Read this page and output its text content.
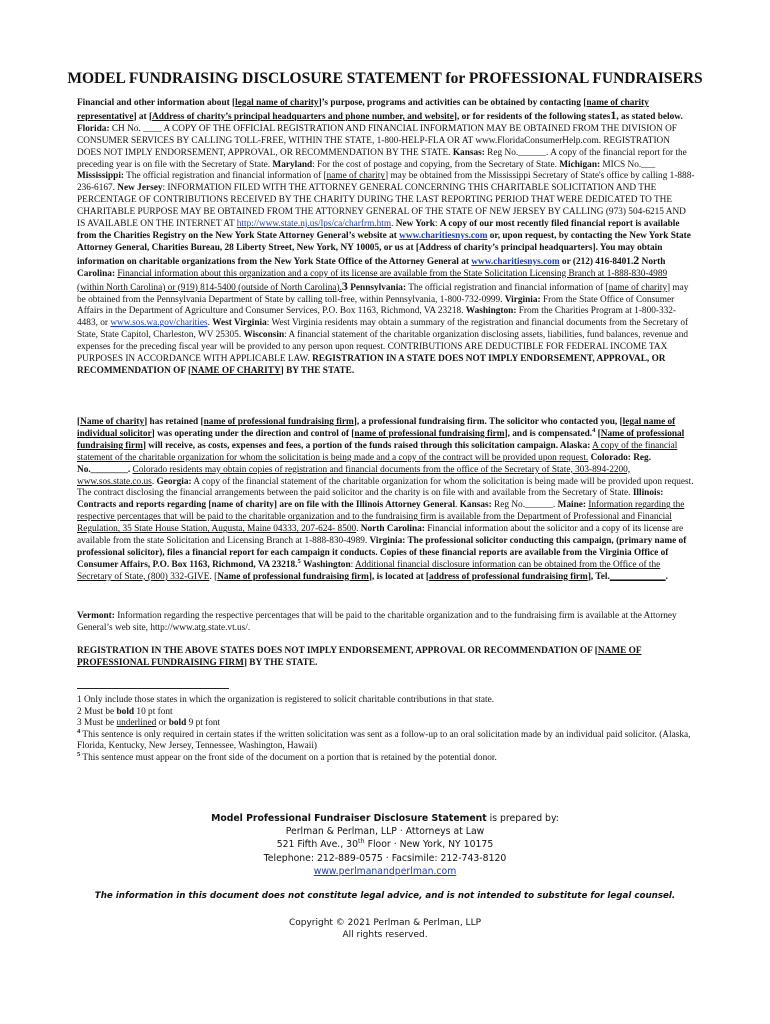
MODEL FUNDRAISING DISCLOSURE STATEMENT for PROFESSIONAL FUNDRAISERS
Financial and other information about [legal name of charity]’s purpose, programs and activities can be obtained by contacting [name of charity representative] at [Address of charity’s principal headquarters and phone number, and website], or for residents of the following states1, as stated below. Florida: CH No. ____ A COPY OF THE OFFICIAL REGISTRATION AND FINANCIAL INFORMATION MAY BE OBTAINED FROM THE DIVISION OF CONSUMER SERVICES BY CALLING TOLL-FREE, WITHIN THE STATE, 1-800-HELP-FLA OR AT www.FloridaConsumerHelp.com. REGISTRATION DOES NOT IMPLY ENDORSEMENT, APPROVAL, OR RECOMMENDATION BY THE STATE. Kansas: Reg No.______. A copy of the financial report for the preceding year is on file with the Secretary of State. Maryland: For the cost of postage and copying, from the Secretary of State. Michigan: MICS No.___ Mississippi: The official registration and financial information of [name of charity] may be obtained from the Mississippi Secretary of State's office by calling 1-888-236-6167. New Jersey: INFORMATION FILED WITH THE ATTORNEY GENERAL CONCERNING THIS CHARITABLE SOLICITATION AND THE PERCENTAGE OF CONTRIBUTIONS RECEIVED BY THE CHARITY DURING THE LAST REPORTING PERIOD THAT WERE DEDICATED TO THE CHARITABLE PURPOSE MAY BE OBTAINED FROM THE ATTORNEY GENERAL OF THE STATE OF NEW JERSEY BY CALLING (973) 504-6215 AND IS AVAILABLE ON THE INTERNET AT http://www.state.nj.us/lps/ca/charfrm.htm. New York: A copy of our most recently filed financial report is available from the Charities Registry on the New York State Attorney General’s website at www.charitiesnys.com or, upon request, by contacting the New York State Attorney General, Charities Bureau, 28 Liberty Street, New York, NY 10005, or us at [Address of charity’s principal headquarters]. You may obtain information on charitable organizations from the New York State Office of the Attorney General at www.charitiesnys.com or (212) 416-8401.2 North Carolina: Financial information about this organization and a copy of its license are available from the State Solicitation Licensing Branch at 1-888-830-4989 (within North Carolina) or (919) 814-5400 (outside of North Carolina).3 Pennsylvania: The official registration and financial information of [name of charity] may be obtained from the Pennsylvania Department of State by calling toll-free, within Pennsylvania, 1-800-732-0999. Virginia: From the State Office of Consumer Affairs in the Department of Agriculture and Consumer Services, P.O. Box 1163, Richmond, VA 23218. Washington: From the Charities Program at 1-800-332-4483, or www.sos.wa.gov/charities. West Virginia: West Virginia residents may obtain a summary of the registration and financial documents from the Secretary of State, State Capitol, Charleston, WV 25305. Wisconsin: A financial statement of the charitable organization disclosing assets, liabilities, fund balances, revenue and expenses for the preceding fiscal year will be provided to any person upon request. CONTRIBUTIONS ARE DEDUCTIBLE FOR FEDERAL INCOME TAX PURPOSES IN ACCORDANCE WITH APPLICABLE LAW. REGISTRATION IN A STATE DOES NOT IMPLY ENDORSEMENT, APPROVAL, OR RECOMMENDATION OF [NAME OF CHARITY] BY THE STATE.
[Name of charity] has retained [name of professional fundraising firm], a professional fundraising firm. The solicitor who contacted you, [legal name of individual solicitor] was operating under the direction and control of [name of professional fundraising firm], and is compensated.$^4$ [Name of professional fundraising firm] will receive, as costs, expenses and fees, a portion of the funds raised through this solicitation campaign. Alaska: A copy of the financial statement of the charitable organization for whom the solicitation is being made and a copy of the contract will be provided upon request. Colorado: Reg. No.________. Colorado residents may obtain copies of registration and financial documents from the office of the Secretary of State, 303-894-2200, www.sos.state.co.us. Georgia: A copy of the financial statement of the charitable organization for whom the solicitation is being made will be provided upon request. The contract disclosing the financial arrangements between the paid solicitor and the charity is on file with and available from the Secretary of State. Illinois: Contracts and reports regarding [name of charity] are on file with the Illinois Attorney General. Kansas: Reg No.______. Maine: Information regarding the respective percentages that will be paid to the charitable organization and to the fundraising firm is available from the Department of Professional and Financial Regulation, 35 State House Station, Augusta, Maine 04333, 207-624- 8500. North Carolina: Financial information about the solicitor and a copy of its license are available from the state Solicitation and Licensing Branch at 1-888-830-4989. Virginia: The professional solicitor conducting this campaign, (primary name of professional solicitor), files a financial report for each campaign it conducts. Copies of these financial reports are available from the Virginia Office of Consumer Affairs, P.O. Box 1163, Richmond, VA 23218.$^5$ Washington: Additional financial disclosure information can be obtained from the Office of the Secretary of State, (800) 332-GIVE. [Name of professional fundraising firm], is located at [address of professional fundraising firm], Tel.____________.
Vermont: Information regarding the respective percentages that will be paid to the charitable organization and to the fundraising firm is available at the Attorney General’s web site, http://www.atg.state.vt.us/.
REGISTRATION IN THE ABOVE STATES DOES NOT IMPLY ENDORSEMENT, APPROVAL OR RECOMMENDATION OF [NAME OF PROFESSIONAL FUNDRAISING FIRM] BY THE STATE.
1 Only include those states in which the organization is registered to solicit charitable contributions in that state.
2 Must be bold 10 pt font
3 Must be underlined or bold 9 pt font
$^4$ This sentence is only required in certain states if the written solicitation was sent as a follow-up to an oral solicitation made by an individual paid solicitor. (Alaska, Florida, Kentucky, New Jersey, Tennessee, Washington, Hawaii)
$^5$ This sentence must appear on the front side of the document on a portion that is retained by the potential donor.
Model Professional Fundraiser Disclosure Statement is prepared by:
Perlman & Perlman, LLP · Attorneys at Law
521 Fifth Ave., 30th Floor · New York, NY 10175
Telephone: 212-889-0575 · Facsimile: 212-743-8120
www.perlmanandperlman.com
The information in this document does not constitute legal advice, and is not intended to substitute for legal counsel.
Copyright © 2021 Perlman & Perlman, LLP
All rights reserved.
